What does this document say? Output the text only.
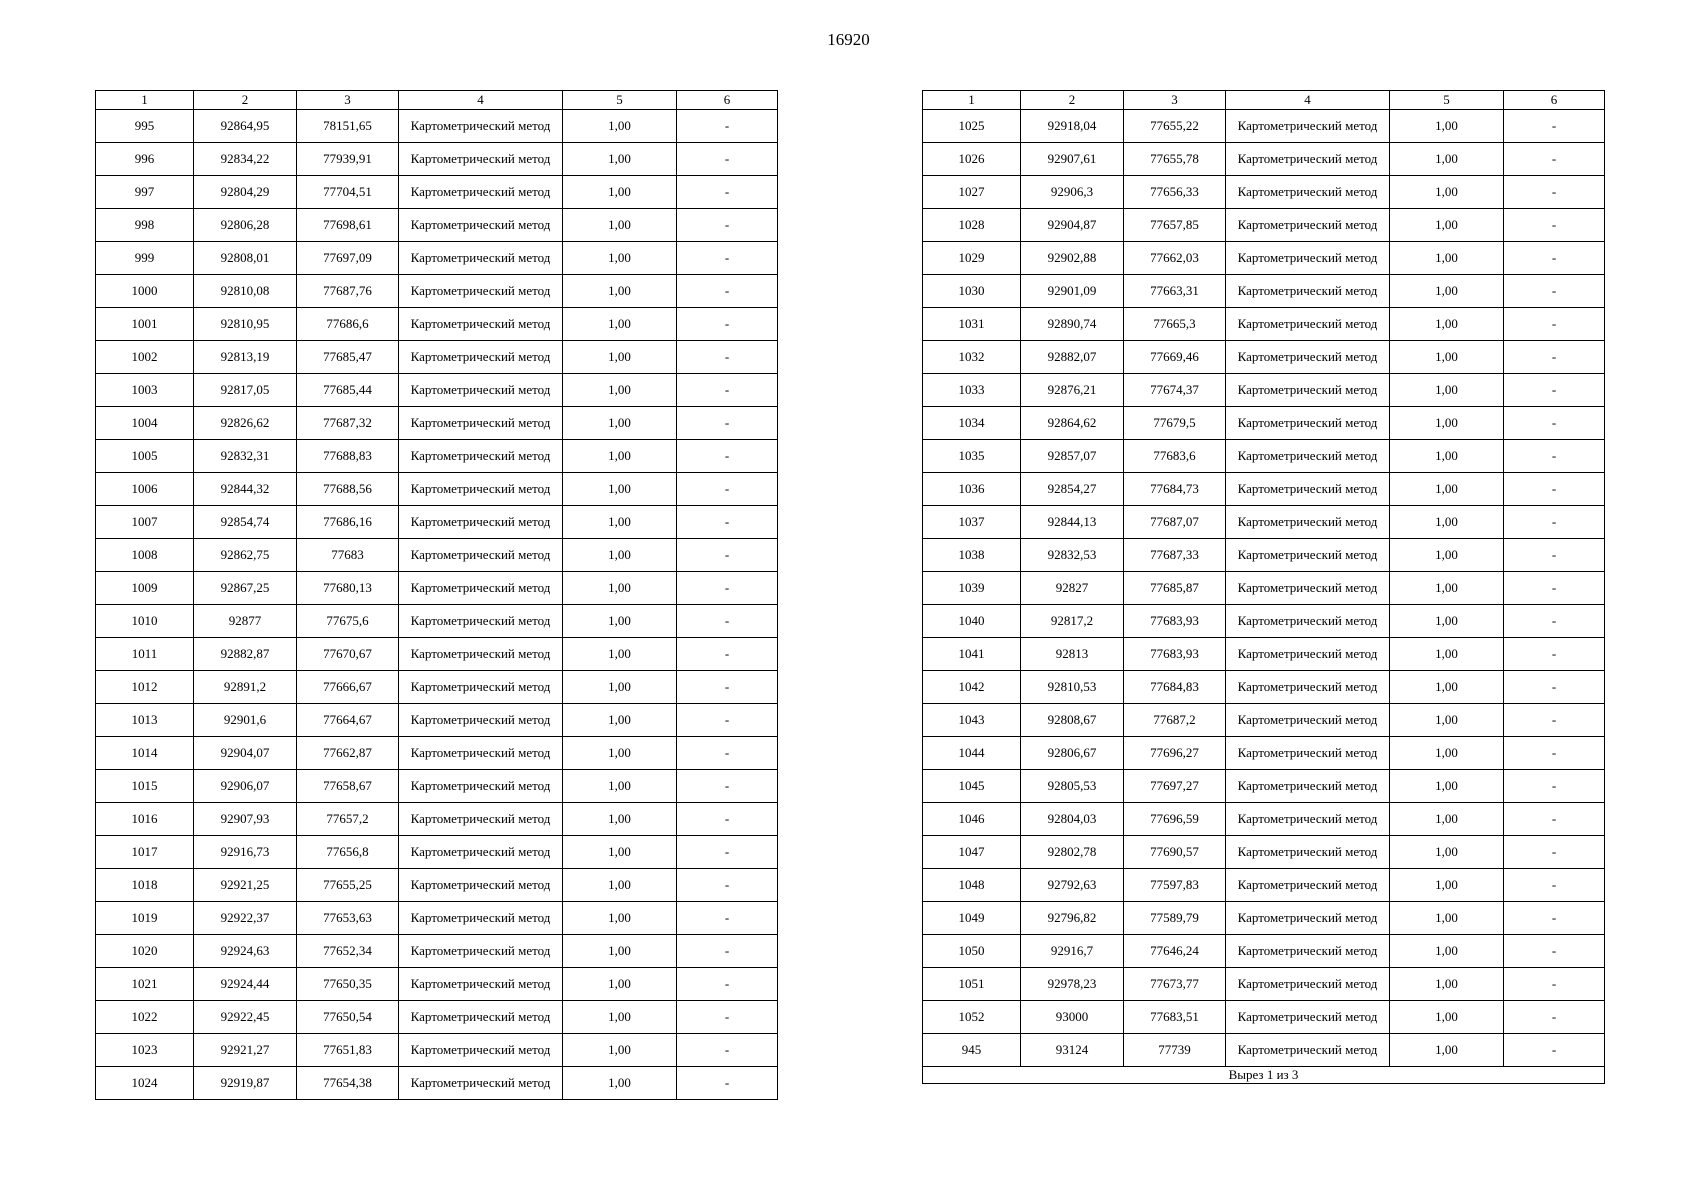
16920
1	2	3	4	5	6
995	92864,95	78151,65	Картометрический метод	1,00	-
996	92834,22	77939,91	Картометрический метод	1,00	-
997	92804,29	77704,51	Картометрический метод	1,00	-
998	92806,28	77698,61	Картометрический метод	1,00	-
999	92808,01	77697,09	Картометрический метод	1,00	-
1000	92810,08	77687,76	Картометрический метод	1,00	-
1001	92810,95	77686,6	Картометрический метод	1,00	-
1002	92813,19	77685,47	Картометрический метод	1,00	-
1003	92817,05	77685,44	Картометрический метод	1,00	-
1004	92826,62	77687,32	Картометрический метод	1,00	-
1005	92832,31	77688,83	Картометрический метод	1,00	-
1006	92844,32	77688,56	Картометрический метод	1,00	-
1007	92854,74	77686,16	Картометрический метод	1,00	-
1008	92862,75	77683	Картометрический метод	1,00	-
1009	92867,25	77680,13	Картометрический метод	1,00	-
1010	92877	77675,6	Картометрический метод	1,00	-
1011	92882,87	77670,67	Картометрический метод	1,00	-
1012	92891,2	77666,67	Картометрический метод	1,00	-
1013	92901,6	77664,67	Картометрический метод	1,00	-
1014	92904,07	77662,87	Картометрический метод	1,00	-
1015	92906,07	77658,67	Картометрический метод	1,00	-
1016	92907,93	77657,2	Картометрический метод	1,00	-
1017	92916,73	77656,8	Картометрический метод	1,00	-
1018	92921,25	77655,25	Картометрический метод	1,00	-
1019	92922,37	77653,63	Картометрический метод	1,00	-
1020	92924,63	77652,34	Картометрический метод	1,00	-
1021	92924,44	77650,35	Картометрический метод	1,00	-
1022	92922,45	77650,54	Картометрический метод	1,00	-
1023	92921,27	77651,83	Картометрический метод	1,00	-
1024	92919,87	77654,38	Картометрический метод	1,00	-
1	2	3	4	5	6
1025	92918,04	77655,22	Картометрический метод	1,00	-
1026	92907,61	77655,78	Картометрический метод	1,00	-
1027	92906,3	77656,33	Картометрический метод	1,00	-
1028	92904,87	77657,85	Картометрический метод	1,00	-
1029	92902,88	77662,03	Картометрический метод	1,00	-
1030	92901,09	77663,31	Картометрический метод	1,00	-
1031	92890,74	77665,3	Картометрический метод	1,00	-
1032	92882,07	77669,46	Картометрический метод	1,00	-
1033	92876,21	77674,37	Картометрический метод	1,00	-
1034	92864,62	77679,5	Картометрический метод	1,00	-
1035	92857,07	77683,6	Картометрический метод	1,00	-
1036	92854,27	77684,73	Картометрический метод	1,00	-
1037	92844,13	77687,07	Картометрический метод	1,00	-
1038	92832,53	77687,33	Картометрический метод	1,00	-
1039	92827	77685,87	Картометрический метод	1,00	-
1040	92817,2	77683,93	Картометрический метод	1,00	-
1041	92813	77683,93	Картометрический метод	1,00	-
1042	92810,53	77684,83	Картометрический метод	1,00	-
1043	92808,67	77687,2	Картометрический метод	1,00	-
1044	92806,67	77696,27	Картометрический метод	1,00	-
1045	92805,53	77697,27	Картометрический метод	1,00	-
1046	92804,03	77696,59	Картометрический метод	1,00	-
1047	92802,78	77690,57	Картометрический метод	1,00	-
1048	92792,63	77597,83	Картометрический метод	1,00	-
1049	92796,82	77589,79	Картометрический метод	1,00	-
1050	92916,7	77646,24	Картометрический метод	1,00	-
1051	92978,23	77673,77	Картометрический метод	1,00	-
1052	93000	77683,51	Картометрический метод	1,00	-
945	93124	77739	Картометрический метод	1,00	-
Вырез 1 из 3					
